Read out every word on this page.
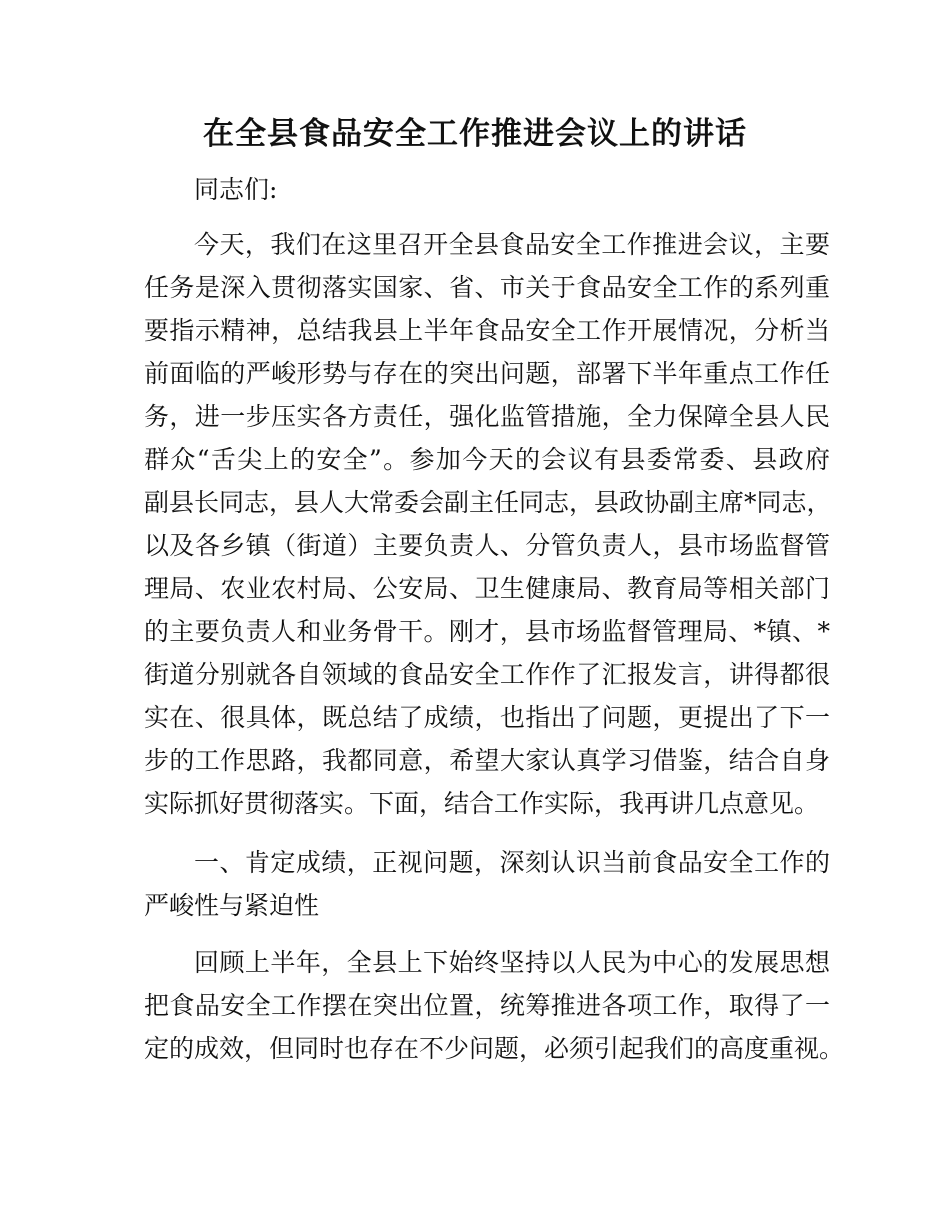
在全县食品安全工作推进会议上的讲话

同志们:

今天，我们在这里召开全县食品安全工作推进会议，主要

任务是深入贯彻落实国家、省、市关于食品安全工作的系列重

要指示精神，总结我县上半年食品安全工作开展情况，分析当

前面临的严峻形势与存在的突出问题，部署下半年重点工作任

务，进一步压实各方责任，强化监管措施，全力保障全县人民

群众“舌尖上的安全”。参加今天的会议有县委常委、县政府

副县长同志，县人大常委会副主任同志，县政协副主席*同志，

以及各乡镇（街道）主要负责人、分管负责人，县市场监督管

理局、农业农村局、公安局、卫生健康局、教育局等相关部门

的主要负责人和业务骨干。刚才，县市场监督管理局、*镇、*

街道分别就各自领域的食品安全工作作了汇报发言，讲得都很

实在、很具体，既总结了成绩，也指出了问题，更提出了下一

步的工作思路，我都同意，希望大家认真学习借鉴，结合自身

实际抓好贯彻落实。下面，结合工作实际，我再讲几点意见。

一、肯定成绩，正视问题，深刻认识当前食品安全工作的

严峻性与紧迫性

回顾上半年，全县上下始终坚持以人民为中心的发展思想

把食品安全工作摆在突出位置，统筹推进各项工作，取得了一

定的成效，但同时也存在不少问题，必须引起我们的高度重视。
